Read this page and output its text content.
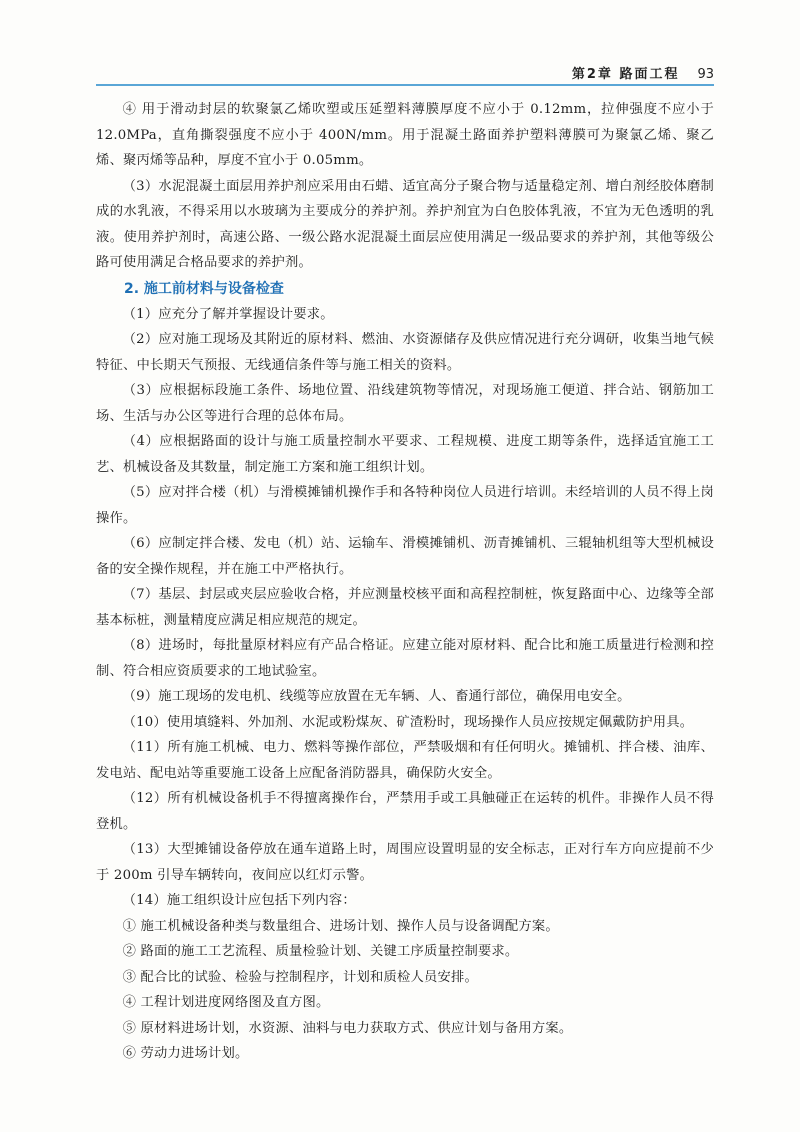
第2章 路面工程 93

④ 用于滑动封层的软聚氯乙烯吹塑或压延塑料薄膜厚度不应小于 0.12mm，拉伸强度不应小于 12.0MPa，直角撕裂强度不应小于 400N/mm。用于混凝土路面养护塑料薄膜可为聚氯乙烯、聚乙烯、聚丙烯等品种，厚度不宜小于 0.05mm。

（3）水泥混凝土面层用养护剂应采用由石蜡、适宜高分子聚合物与适量稳定剂、增白剂经胶体磨制成的水乳液，不得采用以水玻璃为主要成分的养护剂。养护剂宜为白色胶体乳液，不宜为无色透明的乳液。使用养护剂时，高速公路、一级公路水泥混凝土面层应使用满足一级品要求的养护剂，其他等级公路可使用满足合格品要求的养护剂。

2. 施工前材料与设备检查

（1）应充分了解并掌握设计要求。

（2）应对施工现场及其附近的原材料、燃油、水资源储存及供应情况进行充分调研，收集当地气候特征、中长期天气预报、无线通信条件等与施工相关的资料。

（3）应根据标段施工条件、场地位置、沿线建筑物等情况，对现场施工便道、拌合站、钢筋加工场、生活与办公区等进行合理的总体布局。

（4）应根据路面的设计与施工质量控制水平要求、工程规模、进度工期等条件，选择适宜施工工艺、机械设备及其数量，制定施工方案和施工组织计划。

（5）应对拌合楼（机）与滑模摊铺机操作手和各特种岗位人员进行培训。未经培训的人员不得上岗操作。

（6）应制定拌合楼、发电（机）站、运输车、滑模摊铺机、沥青摊铺机、三辊轴机组等大型机械设备的安全操作规程，并在施工中严格执行。

（7）基层、封层或夹层应验收合格，并应测量校核平面和高程控制桩，恢复路面中心、边缘等全部基本标桩，测量精度应满足相应规范的规定。

（8）进场时，每批量原材料应有产品合格证。应建立能对原材料、配合比和施工质量进行检测和控制、符合相应资质要求的工地试验室。

（9）施工现场的发电机、线缆等应放置在无车辆、人、畜通行部位，确保用电安全。

（10）使用填缝料、外加剂、水泥或粉煤灰、矿渣粉时，现场操作人员应按规定佩戴防护用具。

（11）所有施工机械、电力、燃料等操作部位，严禁吸烟和有任何明火。摊铺机、拌合楼、油库、发电站、配电站等重要施工设备上应配备消防器具，确保防火安全。

（12）所有机械设备机手不得擅离操作台，严禁用手或工具触碰正在运转的机件。非操作人员不得登机。

（13）大型摊铺设备停放在通车道路上时，周围应设置明显的安全标志，正对行车方向应提前不少于 200m 引导车辆转向，夜间应以红灯示警。

（14）施工组织设计应包括下列内容：

① 施工机械设备种类与数量组合、进场计划、操作人员与设备调配方案。

② 路面的施工工艺流程、质量检验计划、关键工序质量控制要求。

③ 配合比的试验、检验与控制程序，计划和质检人员安排。

④ 工程计划进度网络图及直方图。

⑤ 原材料进场计划，水资源、油料与电力获取方式、供应计划与备用方案。

⑥ 劳动力进场计划。
